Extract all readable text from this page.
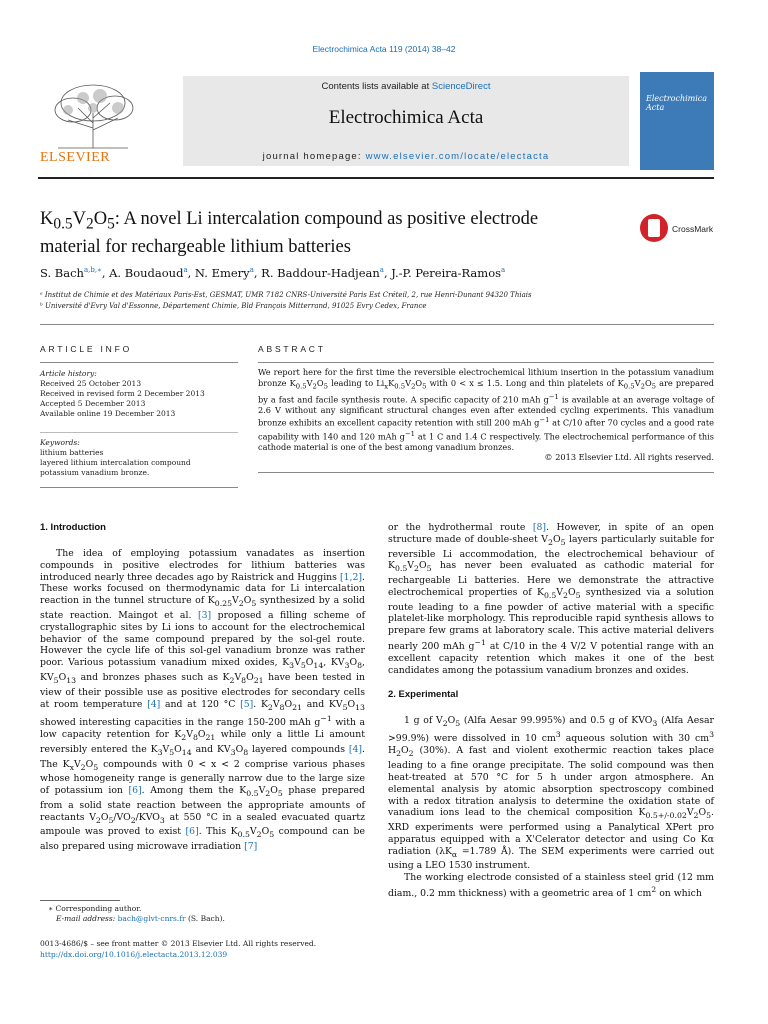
Electrochimica Acta 119 (2014) 38–42
ELSEVIER
Contents lists available at ScienceDirect
Electrochimica Acta
journal homepage: www.elsevier.com/locate/electacta
Electrochimica Acta
$K_{0.5}V_2O_5$: A novel Li intercalation compound as positive electrode material for rechargeable lithium batteries
CrossMark
S. Bach$^{a,b,∗}$, A. Boudaoud$^a$, N. Emery$^a$, R. Baddour-Hadjean$^a$, J.-P. Pereira-Ramos$^a$
ᵃ Institut de Chimie et des Matériaux Paris-Est, GESMAT, UMR 7182 CNRS-Université Paris Est Créteil, 2, rue Henri-Dunant 94320 Thiais
ᵇ Université d'Evry Val d'Essonne, Département Chimie, Bld François Mitterrand, 91025 Evry Cedex, France
ARTICLE INFO	ABSTRACT
Article history:
Received 25 October 2013
Received in revised form 2 December 2013
Accepted 5 December 2013
Available online 19 December 2013
Keywords:
lithium batteries
layered lithium intercalation compound
potassium vanadium bronze.
We report here for the first time the reversible electrochemical lithium insertion in the potassium vanadium bronze $K_{0.5}V_2O_5$ leading to $Li_xK_{0.5}V_2O_5$ with 0 < x ≤ 1.5. Long and thin platelets of $K_{0.5}V_2O_5$ are prepared by a fast and facile synthesis route. A specific capacity of 210 mAh $g^{-1}$ is available at an average voltage of 2.6 V without any significant structural changes even after extended cycling experiments. This vanadium bronze exhibits an excellent capacity retention with still 200 mAh $g^{-1}$ at C/10 after 70 cycles and a good rate capability with 140 and 120 mAh $g^{-1}$ at 1 C and 1.4 C respectively. The electrochemical performance of this cathode material is one of the best among vanadium bronzes.
© 2013 Elsevier Ltd. All rights reserved.
1. Introduction

The idea of employing potassium vanadates as insertion compounds in positive electrodes for lithium batteries was introduced nearly three decades ago by Raistrick and Huggins [1,2]. These works focused on thermodynamic data for Li intercalation reaction in the tunnel structure of $K_{0.25}V_2O_5$ synthesized by a solid state reaction. Maingot et al. [3] proposed a filling scheme of crystallographic sites by Li ions to account for the electrochemical behavior of the same compound prepared by the sol-gel route. However the cycle life of this sol-gel vanadium bronze was rather poor. Various potassium vanadium mixed oxides, $K_3V_5O_{14}$, $KV_3O_8$, $KV_5O_{13}$ and bronzes phases such as $K_2V_8O_{21}$ have been tested in view of their possible use as positive electrodes for secondary cells at room temperature [4] and at 120 °C [5]. $K_2V_8O_{21}$ and $KV_5O_{13}$ showed interesting capacities in the range 150-200 mAh $g^{-1}$ with a low capacity retention for $K_2V_8O_{21}$ while only a little Li amount reversibly entered the $K_3V_5O_{14}$ and $KV_3O_8$ layered compounds [4]. The $K_xV_2O_5$ compounds with 0 < x < 2 comprise various phases whose homogeneity range is generally narrow due to the large size of potassium ion [6]. Among them the $K_{0.5}V_2O_5$ phase prepared from a solid state reaction between the appropriate amounts of reactants $V_2O_5/VO_2/KVO_3$ at 550 °C in a sealed evacuated quartz ampoule was proved to exist [6]. This $K_{0.5}V_2O_5$ compound can be also prepared using microwave irradiation [7]

or the hydrothermal route [8]. However, in spite of an open structure made of double-sheet $V_2O_5$ layers particularly suitable for reversible Li accommodation, the electrochemical behaviour of $K_{0.5}V_2O_5$ has never been evaluated as cathodic material for rechargeable Li batteries. Here we demonstrate the attractive electrochemical properties of $K_{0.5}V_2O_5$ synthesized via a solution route leading to a fine powder of active material with a specific platelet-like morphology. This reproducible rapid synthesis allows to prepare few grams at laboratory scale. This active material delivers nearly 200 mAh $g^{-1}$ at C/10 in the 4 V/2 V potential range with an excellent capacity retention which makes it one of the best candidates among the potassium vanadium bronzes and oxides.

2. Experimental

1 g of $V_2O_5$ (Alfa Aesar 99.995%) and 0.5 g of $KVO_3$ (Alfa Aesar >99.9%) were dissolved in 10 $cm^3$ aqueous solution with 30 $cm^3$ $H_2O_2$ (30%). A fast and violent exothermic reaction takes place leading to a fine orange precipitate. The solid compound was then heat-treated at 570 °C for 5 h under argon atmosphere. An elemental analysis by atomic absorption spectroscopy combined with a redox titration analysis to determine the oxidation state of vanadium ions lead to the chemical composition $K_{0.5+/-0.02}V_2O_5$. XRD experiments were performed using a Panalytical XPert pro apparatus equipped with a X'Celerator detector and using Co Kα radiation ($\lambda K_\alpha =1.789$ Å). The SEM experiments were carried out using a LEO 1530 instrument.

The working electrode consisted of a stainless steel grid (12 mm diam., 0.2 mm thickness) with a geometric area of 1 $cm^2$ on which

∗ Corresponding author.
E-mail address: bach@glvt-cnrs.fr (S. Bach).
0013-4686/$ – see front matter © 2013 Elsevier Ltd. All rights reserved.
http://dx.doi.org/10.1016/j.electacta.2013.12.039
